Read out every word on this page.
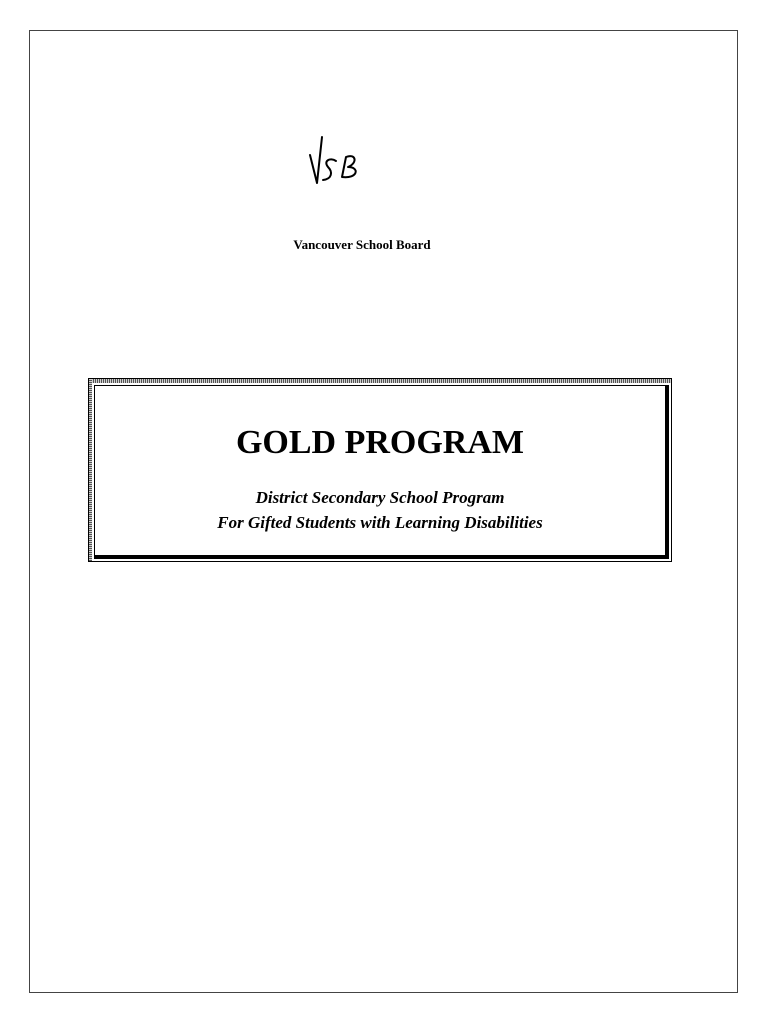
Vancouver School Board
GOLD PROGRAM
District Secondary School Program
For Gifted Students with Learning Disabilities
